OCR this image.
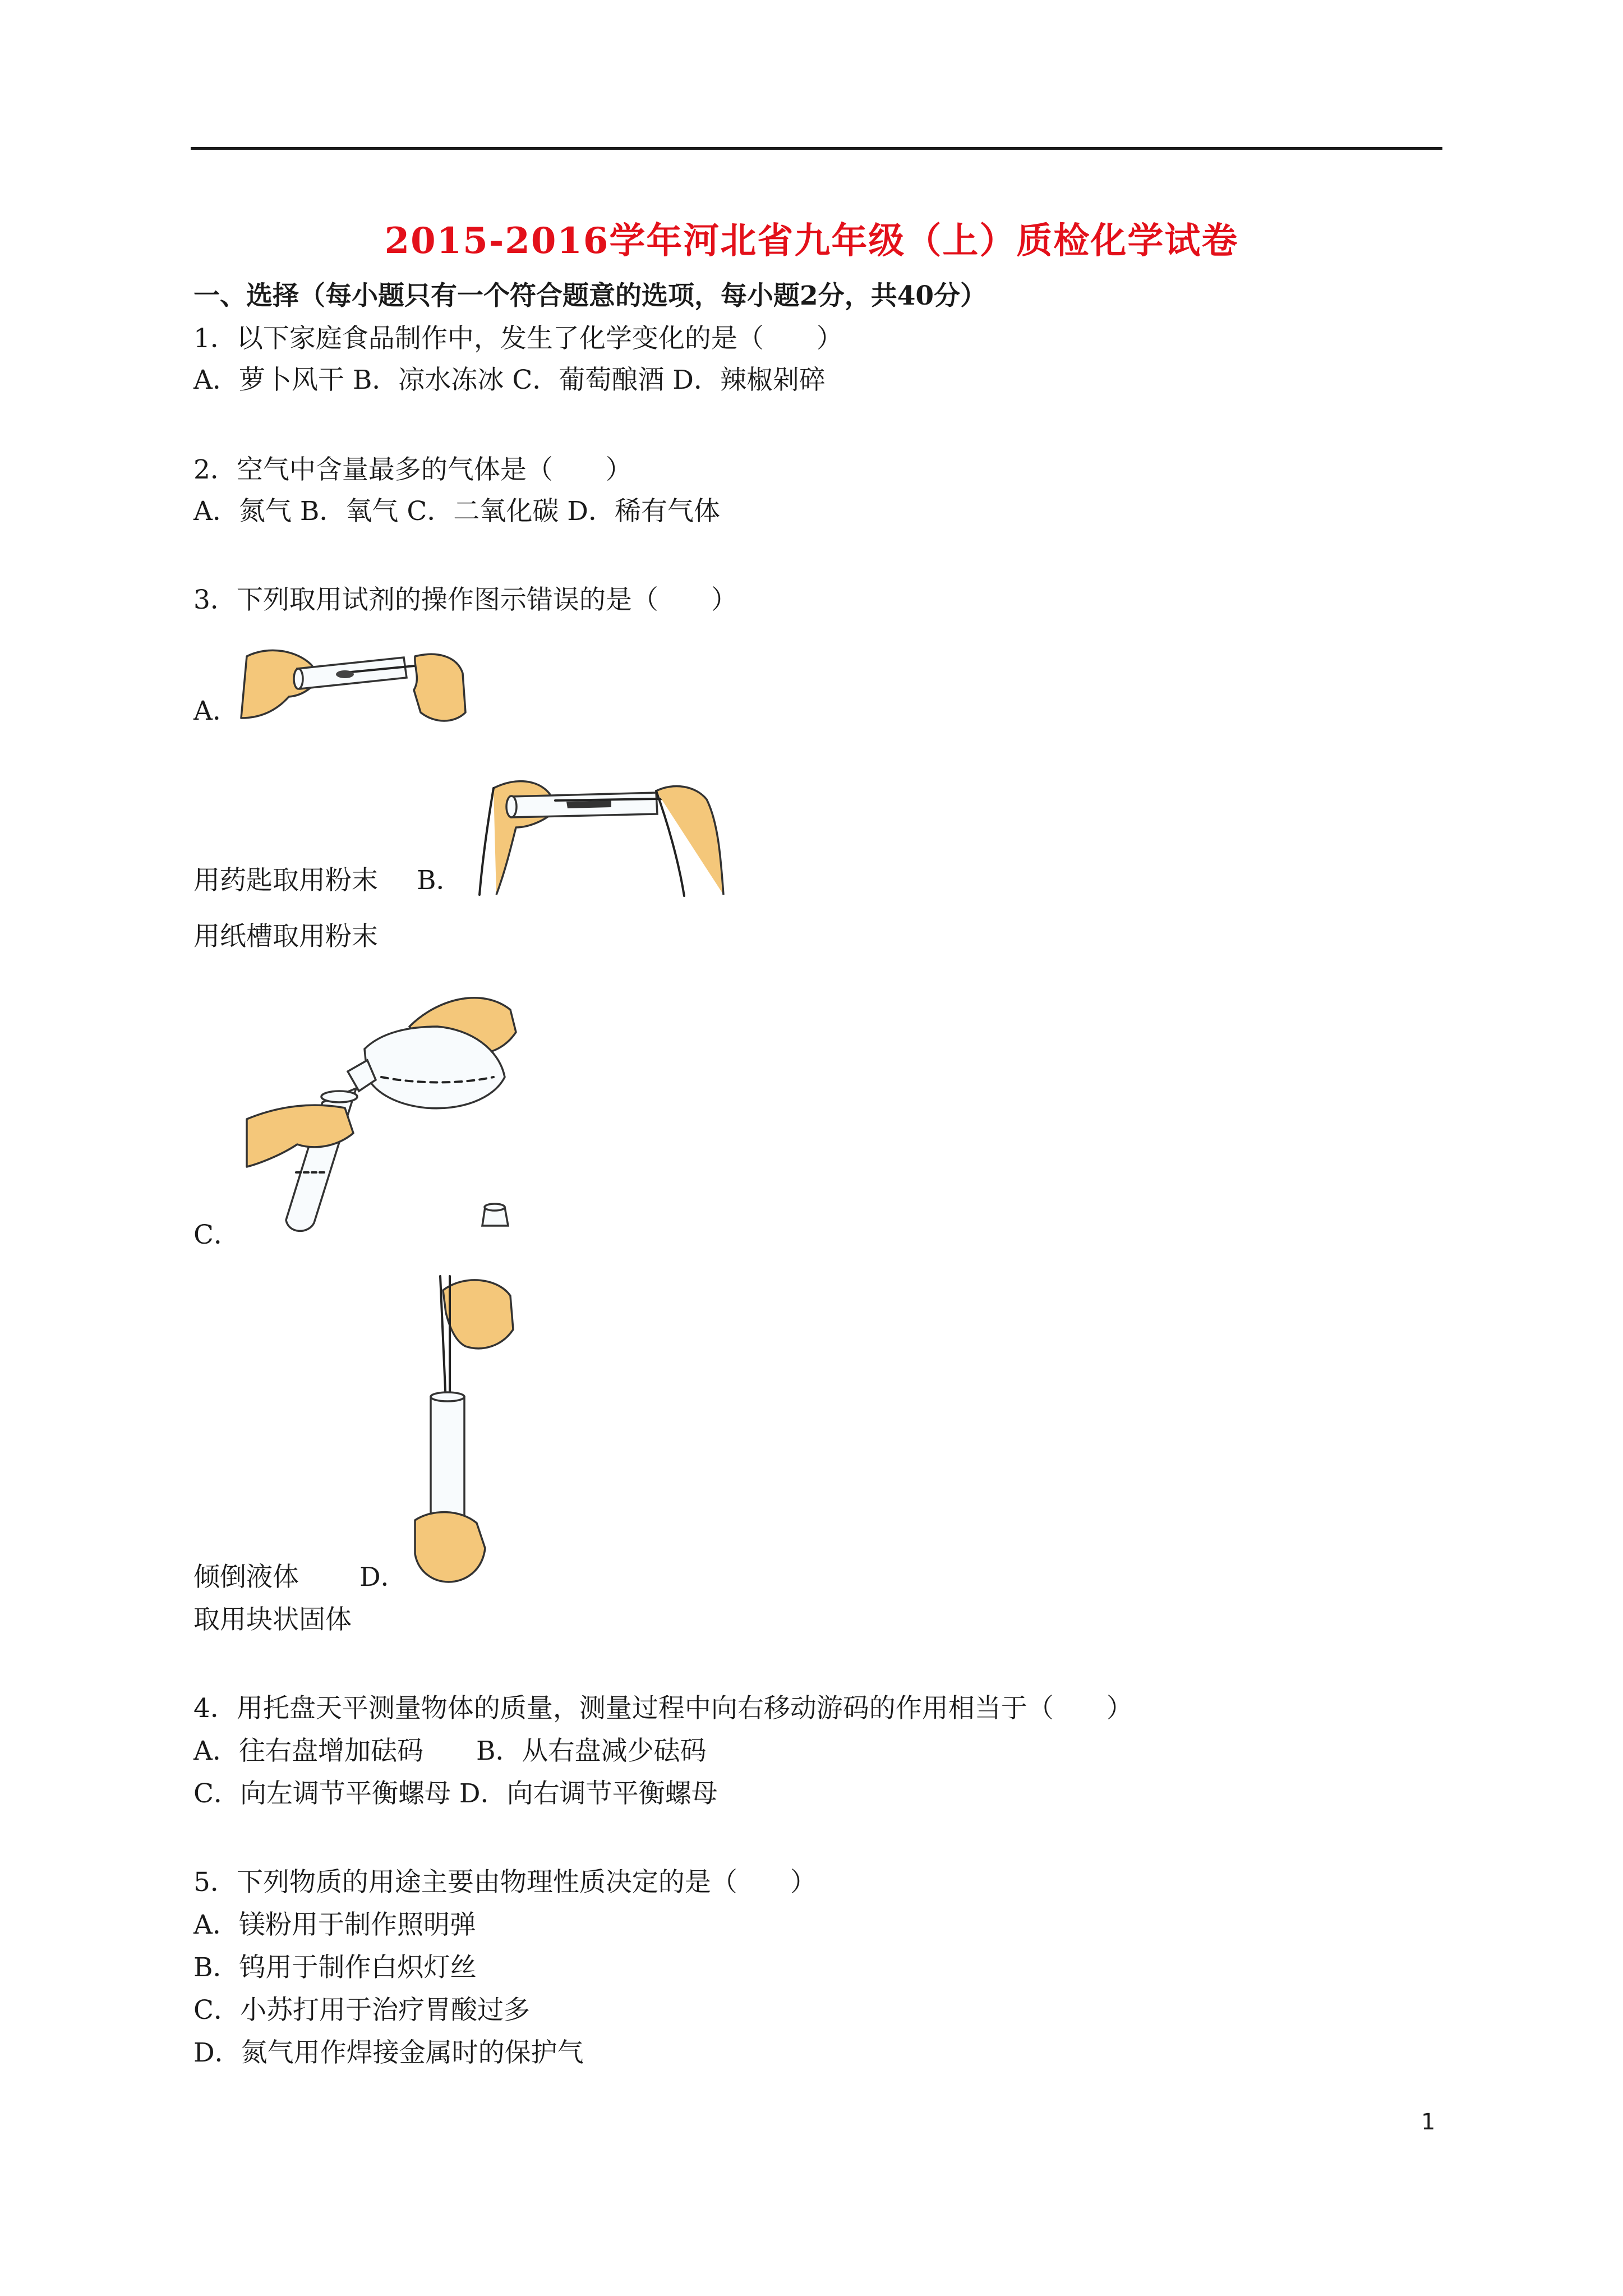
2015-2016学年河北省九年级（上）质检化学试卷
一、选择（每小题只有一个符合题意的选项，每小题2分，共40分）
1．以下家庭食品制作中，发生了化学变化的是（　　）
A．萝卜风干 B．凉水冻冰 C．葡萄酿酒 D．辣椒剁碎
2．空气中含量最多的气体是（　　）
A．氮气 B．氧气 C．二氧化碳 D．稀有气体
3．下列取用试剂的操作图示错误的是（　　）
A．
用药匙取用粉末　 B．
用纸槽取用粉末
C．
倾倒液体 D．
取用块状固体
4．用托盘天平测量物体的质量，测量过程中向右移动游码的作用相当于（　　）
A．往右盘增加砝码　　B．从右盘减少砝码
C．向左调节平衡螺母 D．向右调节平衡螺母
5．下列物质的用途主要由物理性质决定的是（　　）
A．镁粉用于制作照明弹
B．钨用于制作白炽灯丝
C．小苏打用于治疗胃酸过多
D．氮气用作焊接金属时的保护气
1
